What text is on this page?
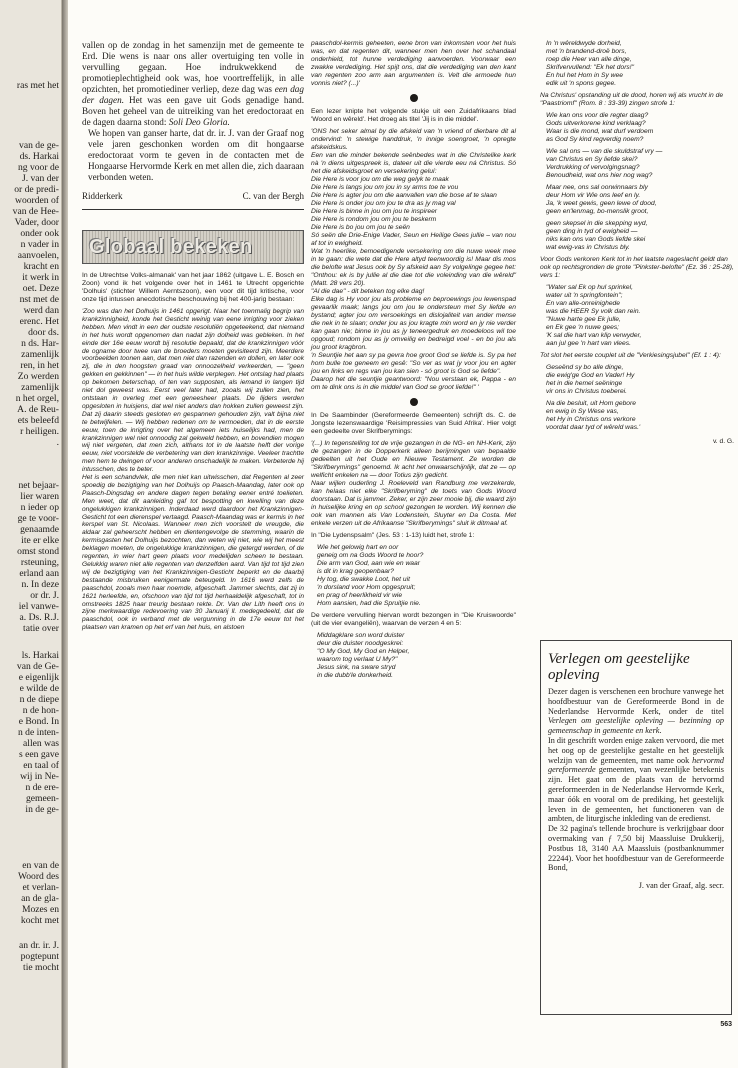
ras met het
van de ge-
ds. Harkai
ng voor de
J. van der
or de predi-
woorden of
van de Hee-
Vader, door
onder ook
n vader in
aanvoelen,
kracht en
it werk in
oet. Deze
nst met de
werd dan
erenc. Het
door ds.
n ds. Har-
zamenlijk
ren, in het
Zo werden
zamenlijk
n het orgel,
A. de Reu-
ets beleefd
r heiligen.
.
net bejaar-
lier waren
n ieder op
ge te voor-
genaamde
ite er elke
omst stond
rsteuning,
erland aan
n. In deze
or dr. J.
iel vanwe-
a. Ds. R.J.
tatie over
ls. Harkai
van de Ge-
e eigenlijk
e wilde de
n de diepe
n de hon-
e Bond. In
n de inten-
allen was
s een gave
en taal of
wij in Ne-
n de ere-
gemeen-
in de ge-
en van de
Woord des
et verlan-
an de gla-
Mozes en
kocht met
an dr. ir. J.
pogtepunt
tie mocht

vallen op de zondag in het samenzijn met de gemeente te Erd. Die wens is naar ons aller overtuiging ten volle in vervulling gegaan. Hoe indrukwekkend de promotieplechtigheid ook was, hoe voortreffelijk, in alle opzichten, het promotiediner verliep, deze dag was een dag der dagen. Het was een gave uit Gods genadige hand. Boven het geheel van de uitreiking van het eredoctoraat en de dagen daarna stond: Soli Deo Gloria.

We hopen van ganser harte, dat dr. ir. J. van der Graaf nog vele jaren geschonken worden om dit hongaarse eredoctoraat vorm te geven in de contacten met de Hongaarse Hervormde Kerk en met allen die, zich daaraan verbonden weten.

Ridderkerk	C. van der Bergh
Globaal bekeken

In de Utrechtse Volks-almanak' van het jaar 1862 (uitgave L. E. Bosch en Zoon) vond ik het volgende over het in 1461 te Utrecht opgerichte 'Dolhuis' (stichter Willem Aerntszoon), een voor dit tijd kritische, voor onze tijd intussen anecdotische beschouwing bij het 400-jarig bestaan:

'Zoo was dan het Dolhuijs in 1461 opgerigt. Naar het toenmalig begrip van krankzinnigheid, konde het Gesticht weinig van eene inrigting voor zieken hebben. Men vindt in een der oudste resolutiën opgeteekend, dat niemand in het huis wordt opgenomen dan nadat zijn dolheid was gebleken. In het einde der 16e eeuw wordt bij resolutie bepaald, dat de krankzinnigen vóór de ogname door twee van de broeders moeten gevisiteerd zijn. Meerdere voorbeelden toonen aan, dat men niet dan razenden en dollen, en later ook zij, die in den hoogsten graad van onnoozelheid verkeerden, — "geen gekken en gekkinnen" — in het huis wilde verplegen. Het ontslag had plaats op bekomen beterschap, of ten van supposten, als iemand in langen tijd niet dol geweest was. Eerst veel later had, zooals wij zullen zien, het ontstaan in overleg met een geneesheer plaats. De lijders werden opgesloten in huisjens, dat wel niet anders dan hokken zullen geweest zijn. Dat zij daarin steeds gesloten en gespannen gehouden zijn, valt bijna niet te betwijfelen. — Wij hebben redenen om te vermoeden, dat in de eerste eeuw, toen de inrigting over het algemeen iets huiselijks had, men de krankzinnigen wel niet onnoodig zal gekweld hebben, en bovendien mogen wij niet vergeten, dat men zich, althans tot in de laatste helft der vorige eeuw, niet voorstelde de verbetering van den krankzinnige. Veeleer trachtte men hem te dwingen of voor anderen onschadelijk te maken. Verbeterde hij intusschen, des te beter.
Het is een schandvlek, die men niet kan uitwisschen, dat Regenten al zeer spoedig de bezigtiging van het Dolhuijs op Paasch-Maandag, later ook op Paasch-Dingsdag en andere dagen tegen betaling eener entré toelieten. Men weet, dat dit aanleiding gaf tot bespotting en kwelling van deze ongelukkigen krankzinnigen. Inderdaad werd daardoor het Krankzinnigen-Gesticht tot een dierenspel vertaagd. Paasch-Maandag was er kermis in het kerspel van St. Nicolaas. Wanneer men zich voorstelt de vreugde, die aldaar zal geheerscht hebben en dientengevolge de stemming, waarin de kermisgasten het Dolhuijs bezochten, dan weten wij niet, wie wij het meest beklagen moeten, de ongelukkige krankzinnigen, die getergd werden, of de regenten, in wier hart geen plaats voor medelijden scheen te bestaan. Gelukkig waren niet alle regenten van denzelfden aard. Van tijd tot tijd zien wij de bezigtiging van het Krankzinnigen-Gesticht beperkt en de daarbij bestaande misbruiken eenigermate beteugeld. In 1616 werd zelfs de paaschdol, zooals men haar noemde, afgeschaft. Jammer slechts, dat zij in 1621 herleefde, en, ofschoon van tijd tot tijd herhaaldelijk afgeschaft, tot in omstreeks 1825 haar treurig bestaan rekte. Dr. Van der Lith heeft ons in zijne merkwaardige redevoering van 30 Januarij ll. medegedeeld, dat de paaschdol, ook in verband met de vergunning in de 17e eeuw tot het plaatsen van kramen op het erf van het huis, en alstoen

paaschdol-kermis geheeten, eene bron van inkomsten voor het huis was, en dat regenten dit, wanneer men hen over het schandaal onderhield, tot hunne verdediging aanvoerden. Voorwaar een zwakke verdediging. Het spijt ons, dat die verdediging van den kant van regenten zoo arm aan argumenten is. Velt die armoede hun vonnis niet? (...)'

Een lezer knipte het volgende stukje uit een Zuidafrikaans blad 'Woord en wêreld'. Het droeg als titel 'Jij is in die middel'.

'ONS het seker almal by die afskeid van 'n vriend of dierbare dit al ondervind: 'n stewige handdruk, 'n innige soengroet, 'n opregte afskeidskus.
Een van die minder bekende seënbedes wat in die Christelike kerk nà 'n diens uitgespreek is, dateer uit die vierde eeu ná Christus. Só het die afskeidsgroet en versekering geluí:

Die Here is voor jou om die weg gelyk te maak
Die Here is langs jou om jou in sy arms toe te vou
Die Here is agter jou om die aanvallen van die bose af te slaan
Die Here is onder jou om jou te dra as jy mag val
Die Here is binne in jou om jou te inspireer
Die Here is rondom jou om jou te beskerm
Die Here is bo jou om jou te seën
Só seën die Drie-Enige Vader, Seun en Heilige Gees jullie – van nou af tot in ewigheid.

Wat 'n heerlike, bemoedigende versekering om die nuwe week mee in te gaan: die wete dat die Here altyd teenwoordig is! Maar dis mos die belofte wat Jesus ook by Sy afskeid aan Sy volgelinge gegee het: "Onthou: ek is by jullie al die dae tot die voleinding van die wêreld" (Matt. 28 vers 20).
"Al die dae" - dit beteken tog elke dag!
Elke dag is Hy voor jou als probleme en beproewings jou lewenspad gevaarlik maak; langs jou om jou te ondersteun met Sy liefde en bystand; agter jou om versoekings en dislojaliteit van ander mense die nek in te slaan; onder jou as jou kragte min word en jy nie verder kan gaan nie; binne in jou as jy teneergedruk en moedeloos wil toe opgoud; rondom jou as jy omveilig en bedreigd voel - en bo jou als jou groot kragbron.
'n Seuntjie het aan sy pa gevra hoe groot God se liefde is. Sy pa het hom bulle toe geneem en gesê: "So ver as wat jy voor jou en agter jou en links en regs van jou kan sien - só groot is God se liefde".
Daarop het die seuntjie geantwoord: "Nou verstaan ek, Pappa - en om te dink ons is in die middel van God se groot liefde!" '

In De Saambinder (Gereformeerde Gemeenten) schrijft ds. C. de Jongste lezenswaardige 'Reisimpressies van Suid Afrika'. Hier volgt een gedeelte over Skrifberymings:

'(...) In tegenstelling tot de vrije gezangen in de NG- en NH-Kerk, zijn de gezangen in de Dopperkerk alleen berijmingen van bepaalde gedeelten uit het Oude en Nieuwe Testament. Ze worden de "Skrifberymings" genoemd. Ik acht het onwaarschijnlijk, dat ze — op welficht enkelen na — door Totius zijn gedicht.
Naar wijlen ouderling J. Roeleveld van Randburg me verzekerde, kan helaas niet elke "Skrifberyming" de toets van Gods Woord doorstaan. Dat is jammer. Zeker, er zijn zeer mooie bij, die waard zijn in huiselijke kring en op school gezongen te worden. Wij kennen die ook van mannen als Van Lodenstein, Sluyter en Da Costa. Met enkele verzen uit de Afrikaanse "Skrifberymings" sluit ik ditmaal af.

In "Die Lydenspsalm" (Jes. 53 : 1-13) luidt het, strofe 1:

Wie het gelowig hart en oor
geneig om na Gods Woord te hoor?
Die arm van God, aan wie en waar
is dit in krag geopenbaar?
Hy tog, die swakke Loot, het uit
'n dorsland voor Hom opgespruit;
en prag of heerlikheid vir wie
Hom aansien, had die Spruitjie nie.

De verdere vervulling hiervan wordt bezongen in "Die Kruiswoorde" (uit de vier evangeliën), waarvan de verzen 4 en 5:

Middagklare son word duister
deur die duister noodgeskrei:
"O My God, My God en Helper,
waarom tog verlaat U My?"
Jesus sink, na sware stryd
in die dubb'le donkerheid.

In 'n wêreldwyde dorheid,
met 'n brandend-droë bors,
roep die Heer van alle dinge,
Skrifvervullend: "Ek het dors!"
En hul het Hom in Sy wee
edik uit 'n spons gegee.

Na Christus' opstanding uit de dood, horen wij als vrucht in de "Paastriomf" (Rom. 8 : 33-39) zingen strofe 1:

Wie kan ons voor die regter daag?
Gods uitverkorene kind verklaag?
Waar is die mond, wat durf verdoem
as God Sy kind regverdig noem?

Wie sal ons — van die skuldstraf vry —
van Christus en Sy liefde skei?
Verdrukking of vervolgingsnag?
Benoudheid, wat ons hier nog wag?

Maar nee, ons sal oorwinnaars bly
deur Hom vir Wie ons leef en ly.
Ja, 'k weet gewis, geen lewe of dood,
geen en'lenmag, bo-menslik groot,

geen skepsel in die skepping wyd,
geen ding in tyd of ewigheid —
niks kan ons van Gods liefde skei
wat ewig-vas in Christus bly.

Voor Gods verkoren Kerk tot in het laatste nageslacht geldt dan ook op rechtsgronden de grote "Pinkster-belofte" (Ez. 36 : 25-28), vers 1:

"Water sal Ek op hul sprinkel,
water uit 'n springfontein";
En van alle-onreinighede
was die HEER Sy volk dan rein.
"Nuwe harte gee Ek julle,
en Ek gee 'n nuwe gees;
'K sal die hart van klip verwyder,
aan jul gee 'n hart van vlees.

Tot slot het eerste couplet uit de "Verkiesingsjubel" (Ef. 1 : 4):

Geseënd sy bo alle dinge,
die ewig'ge God en Vader! Hy
het in die hemel seëninge
vir ons in Christus toeberei.

Na die besluit, uit Hom gebore
en ewig in Sy Wese vas,
het Hy in Christus ons verkore
voordat daar tyd of wêreld was.'

v. d. G.

Verlegen om geestelijke opleving

Dezer dagen is verschenen een brochure vanwege het hoofdbestuur van de Gereformeerde Bond in de Nederlandse Hervormde Kerk, onder de titel Verlegen om geestelijke opleving — bezinning op gemeenschap in gemeente en kerk.
In dit geschrift worden enige zaken vervoord, die met het oog op de geestelijke gestalte en het geestelijk welzijn van de gemeenten, met name ook hervormd gereformeerde gemeenten, van wezenlijke betekenis zijn. Het gaat om de plaats van de hervormd gereformeerden in de Nederlandse Hervormde Kerk, maar óók en vooral om de prediking, het geestelijk leven in de gemeenten, het functioneren van de ambten, de liturgische inkleding van de eredienst.
De 32 pagina's tellende brochure is verkrijgbaar door overmaking van ƒ 7,50 bij Maassluise Drukkerij, Postbus 18, 3140 AA Maassluis (postbanknummer 22244). Voor het hoofdbestuur van de Gereformeerde Bond,

J. van der Graaf, alg. secr.

563
